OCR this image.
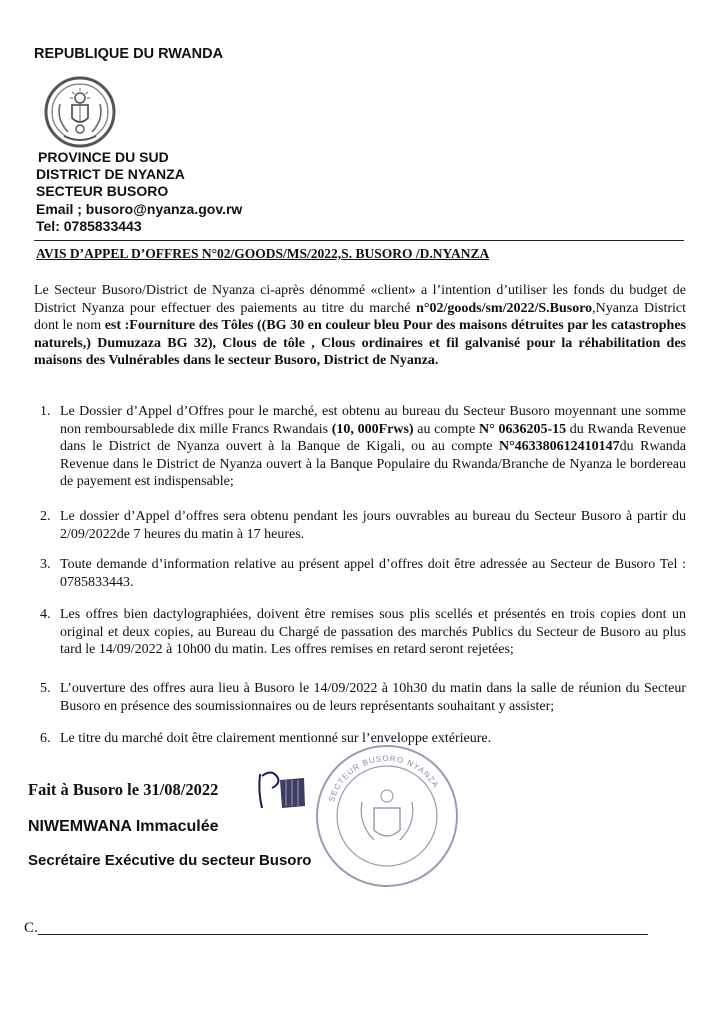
REPUBLIQUE DU RWANDA
PROVINCE DU SUD
DISTRICT DE NYANZA
SECTEUR BUSORO
Email ; busoro@nyanza.gov.rw
Tel: 0785833443
AVIS D’APPEL D’OFFRES N°02/GOODS/MS/2022,S. BUSORO /D.NYANZA
Le Secteur Busoro/District de Nyanza ci-après dénommé «client» a l’intention d’utiliser les fonds du budget de District Nyanza pour effectuer des paiements au titre du marché n°02/goods/sm/2022/S.Busoro,Nyanza District dont le nom est :Fourniture des Tôles ((BG 30 en couleur bleu Pour des maisons détruites par les catastrophes naturels,) Dumuzaza BG 32), Clous de tôle , Clous ordinaires et fil galvanisé pour la réhabilitation des maisons des Vulnérables dans le secteur Busoro, District de Nyanza.
1. Le Dossier d’Appel d’Offres pour le marché, est obtenu au bureau du Secteur Busoro moyennant une somme non remboursablede dix mille Francs Rwandais (10, 000Frws) au compte N° 0636205-15 du Rwanda Revenue dans le District de Nyanza ouvert à la Banque de Kigali, ou au compte N°463380612410147du Rwanda Revenue dans le District de Nyanza ouvert à la Banque Populaire du Rwanda/Branche de Nyanza le bordereau de payement est indispensable;
2. Le dossier d’Appel d’offres sera obtenu pendant les jours ouvrables au bureau du Secteur Busoro à partir du 2/09/2022de 7 heures du matin à 17 heures.
3. Toute demande d’information relative au présent appel d’offres doit être adressée au Secteur de Busoro Tel : 0785833443.
4. Les offres bien dactylographiées, doivent être remises sous plis scellés et présentés en trois copies dont un original et deux copies, au Bureau du Chargé de passation des marchés Publics du Secteur de Busoro au plus tard le 14/09/2022 à 10h00 du matin. Les offres remises en retard seront rejetées;
5. L’ouverture des offres aura lieu à Busoro le 14/09/2022 à 10h30 du matin dans la salle de réunion du Secteur Busoro en présence des soumissionnaires ou de leurs représentants souhaitant y assister;
6. Le titre du marché doit être clairement mentionné sur l’enveloppe extérieure.
SECTEUR BUSORO NYANZA
Fait à Busoro le 31/08/2022
NIWEMWANA Immaculée
Secrétaire Exécutive du secteur Busoro
C.
